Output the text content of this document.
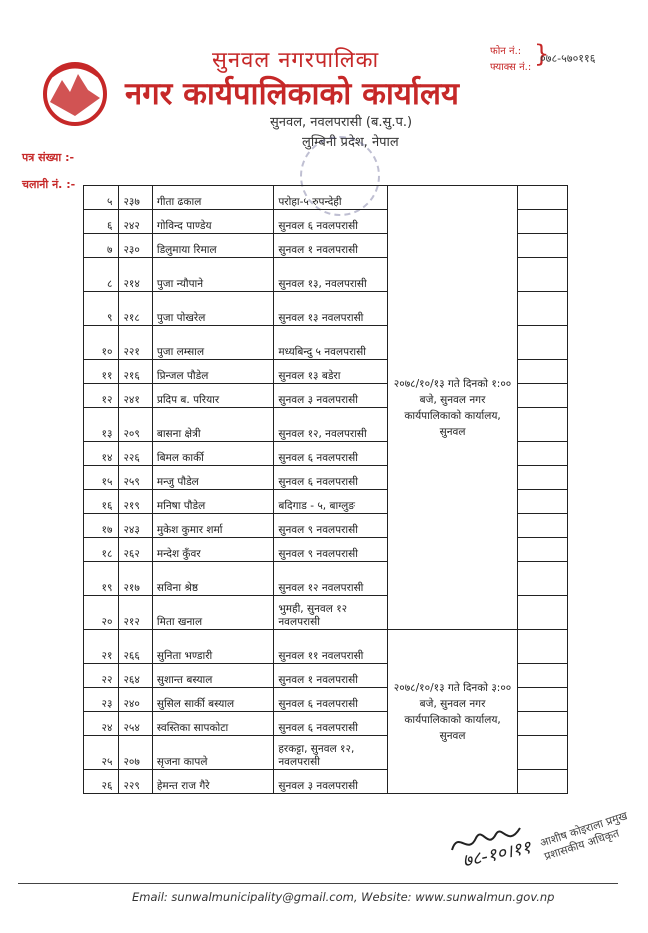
सुनवल नगरपालिका
नगर कार्यपालिकाको कार्यालय
सुनवल, नवलपरासी (ब.सु.प.)
लुम्बिनी प्रदेश, नेपाल
फोन नं.:
फ्याक्स नं.: }
०७८-५७०११६
पत्र संख्या :-
चलानी नं. :-
५	२३७	गीता ढकाल	परोहा-५ रुपन्देही	२०७८/१०/१३ गते दिनको १:०० बजे, सुनवल नगर कार्यपालिकाको कार्यालय, सुनवल	
६	२४२	गोविन्द पाण्डेय	सुनवल ६ नवलपरासी		
७	२३०	डिलुमाया रिमाल	सुनवल १ नवलपरासी		
८	२१४	पुजा न्यौपाने	सुनवल १३, नवलपरासी		
९	२१८	पुजा पोखरेल	सुनवल १३ नवलपरासी		
१०	२२१	पुजा लम्साल	मध्यबिन्दु ५ नवलपरासी		
११	२१६	प्रिन्जल पौडेल	सुनवल १३ बडेरा		
१२	२४१	प्रदिप ब. परियार	सुनवल ३ नवलपरासी		
१३	२०९	बासना क्षेत्री	सुनवल १२, नवलपरासी		
१४	२२६	बिमल कार्की	सुनवल ६ नवलपरासी		
१५	२५९	मन्जु पौडेल	सुनवल ६ नवलपरासी		
१६	२१९	मनिषा पौडेल	बदिगाड - ५, बाग्लुङ		
१७	२४३	मुकेश कुमार शर्मा	सुनवल ९ नवलपरासी		
१८	२६२	मन्देश कुँवर	सुनवल ९ नवलपरासी		
१९	२१७	सविना श्रेष्ठ	सुनवल १२ नवलपरासी		
२०	२१२	मिता खनाल	भुमही, सुनवल १२ नवलपरासी		
२१	२६६	सुनिता भण्डारी	सुनवल ११ नवलपरासी	२०७८/१०/१३ गते दिनको ३:०० बजे, सुनवल नगर कार्यपालिकाको कार्यालय, सुनवल	
२२	२६४	सुशान्त बस्याल	सुनवल १ नवलपरासी		
२३	२४०	सुसिल सार्की बस्याल	सुनवल ६ नवलपरासी		
२४	२५४	स्वस्तिका सापकोटा	सुनवल ६ नवलपरासी		
२५	२०७	सृजना कापले	हरकट्टा, सुनवल १२, नवलपरासी		
२६	२२९	हेमन्त राज गैरे	सुनवल ३ नवलपरासी		
७८-१०।११
आशीष कोइराला प्रमुख प्रशासकीय अधिकृत
Email: sunwalmunicipality@gmail.com, Website: www.sunwalmun.gov.np
